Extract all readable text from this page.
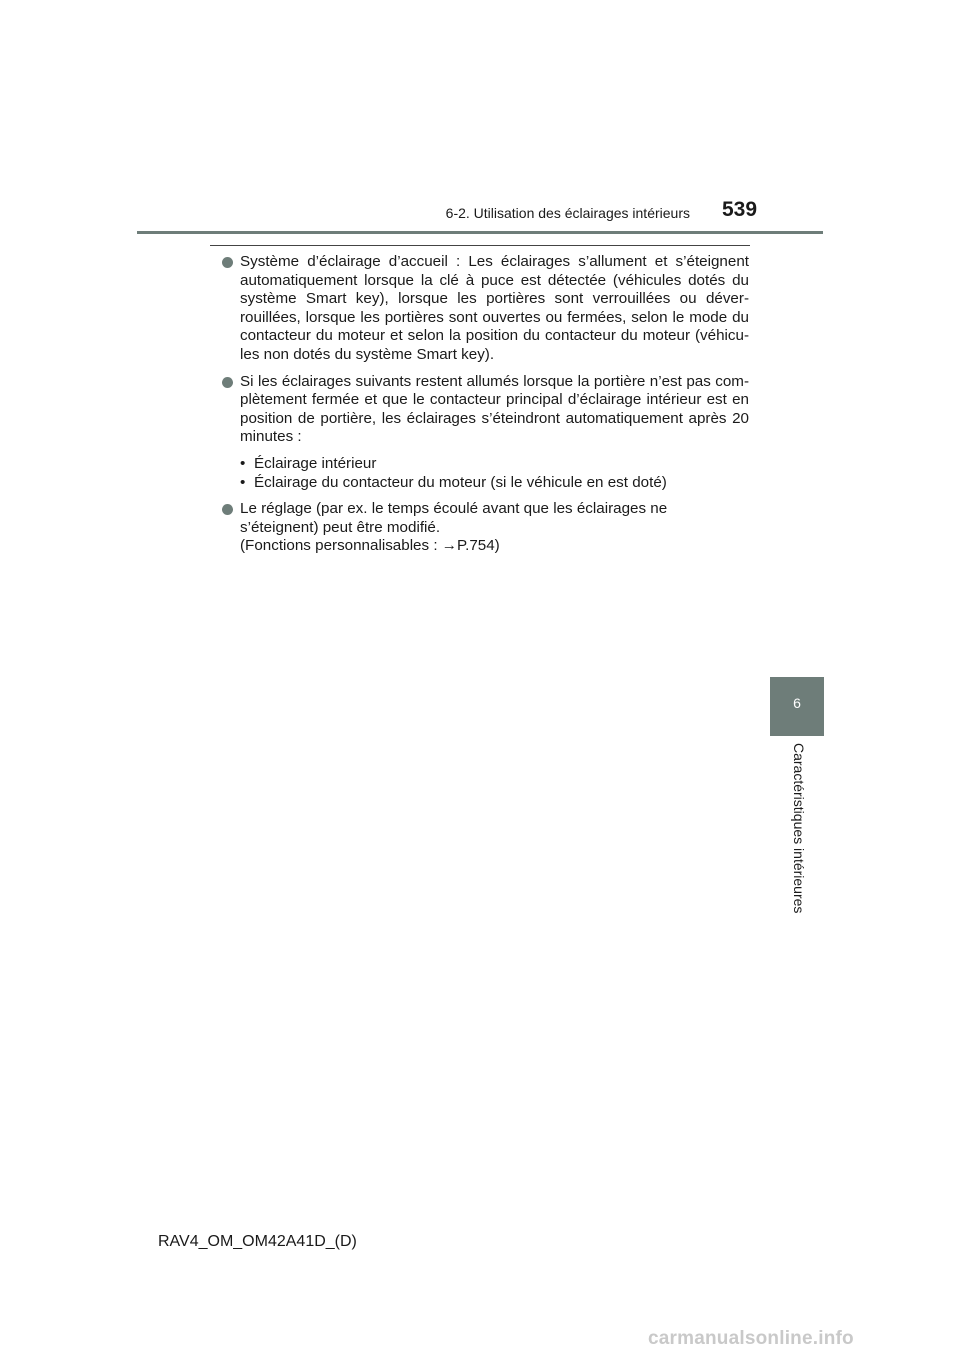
6-2. Utilisation des éclairages intérieurs 539
Système d’éclairage d’accueil : Les éclairages s’allument et s’éteignent automatiquement lorsque la clé à puce est détectée (véhicules dotés du système Smart key), lorsque les portières sont verrouillées ou déver-rouillées, lorsque les portières sont ouvertes ou fermées, selon le mode du contacteur du moteur et selon la position du contacteur du moteur (véhicu-les non dotés du système Smart key).
Si les éclairages suivants restent allumés lorsque la portière n’est pas com-plètement fermée et que le contacteur principal d’éclairage intérieur est en position de portière, les éclairages s’éteindront automatiquement après 20 minutes :
• Éclairage intérieur
• Éclairage du contacteur du moteur (si le véhicule en est doté)
Le réglage (par ex. le temps écoulé avant que les éclairages ne s’éteignent) peut être modifié.
(Fonctions personnalisables : →P.754)
6
Caractéristiques intérieures
RAV4_OM_OM42A41D_(D)
carmanualsonline.info
